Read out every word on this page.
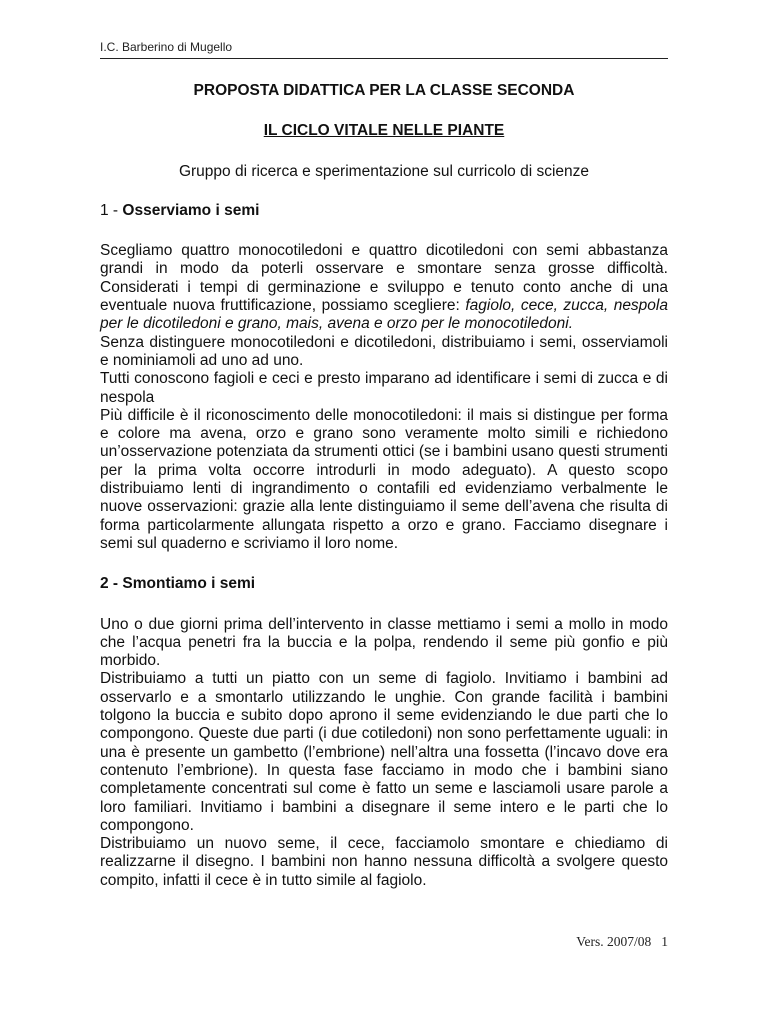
I.C. Barberino di Mugello
PROPOSTA DIDATTICA PER LA CLASSE SECONDA
IL CICLO VITALE NELLE PIANTE
Gruppo di ricerca e sperimentazione sul curricolo di scienze
1 - Osserviamo i semi

Scegliamo quattro monocotiledoni e quattro dicotiledoni con semi abbastanza grandi in modo da poterli osservare e smontare senza grosse difficoltà. Considerati i tempi di germinazione e sviluppo e tenuto conto anche di una eventuale nuova fruttificazione, possiamo scegliere: fagiolo, cece, zucca, nespola per le dicotiledoni e grano, mais, avena e orzo per le monocotiledoni.

Senza distinguere monocotiledoni e dicotiledoni, distribuiamo i semi, osserviamoli e nominiamoli ad uno ad uno.

Tutti conoscono fagioli e ceci e presto imparano ad identificare i semi di zucca e di nespola

Più difficile è il riconoscimento delle monocotiledoni: il mais si distingue per forma e colore ma avena, orzo e grano sono veramente molto simili e richiedono un’osservazione potenziata da strumenti ottici (se i bambini usano questi strumenti per la prima volta occorre introdurli in modo adeguato). A questo scopo distribuiamo lenti di ingrandimento o contafili ed evidenziamo verbalmente le nuove osservazioni: grazie alla lente distinguiamo il seme dell’avena che risulta di forma particolarmente allungata rispetto a orzo e grano. Facciamo disegnare i semi sul quaderno e scriviamo il loro nome.

2 - Smontiamo i semi

Uno o due giorni prima dell’intervento in classe mettiamo i semi a mollo in modo che l’acqua penetri fra la buccia e la polpa, rendendo il seme più gonfio e più morbido.

Distribuiamo a tutti un piatto con un seme di fagiolo. Invitiamo i bambini ad osservarlo e a smontarlo utilizzando le unghie. Con grande facilità i bambini tolgono la buccia e subito dopo aprono il seme evidenziando le due parti che lo compongono. Queste due parti (i due cotiledoni) non sono perfettamente uguali: in una è presente un gambetto (l’embrione) nell’altra una fossetta (l’incavo dove era contenuto l’embrione). In questa fase facciamo in modo che i bambini siano completamente concentrati sul come è fatto un seme e lasciamoli usare parole a loro familiari. Invitiamo i bambini a disegnare il seme intero e le parti che lo compongono.

Distribuiamo un nuovo seme, il cece, facciamolo smontare e chiediamo di realizzarne il disegno. I bambini non hanno nessuna difficoltà a svolgere questo compito, infatti il cece è in tutto simile al fagiolo.

Vers. 2007/08 1
